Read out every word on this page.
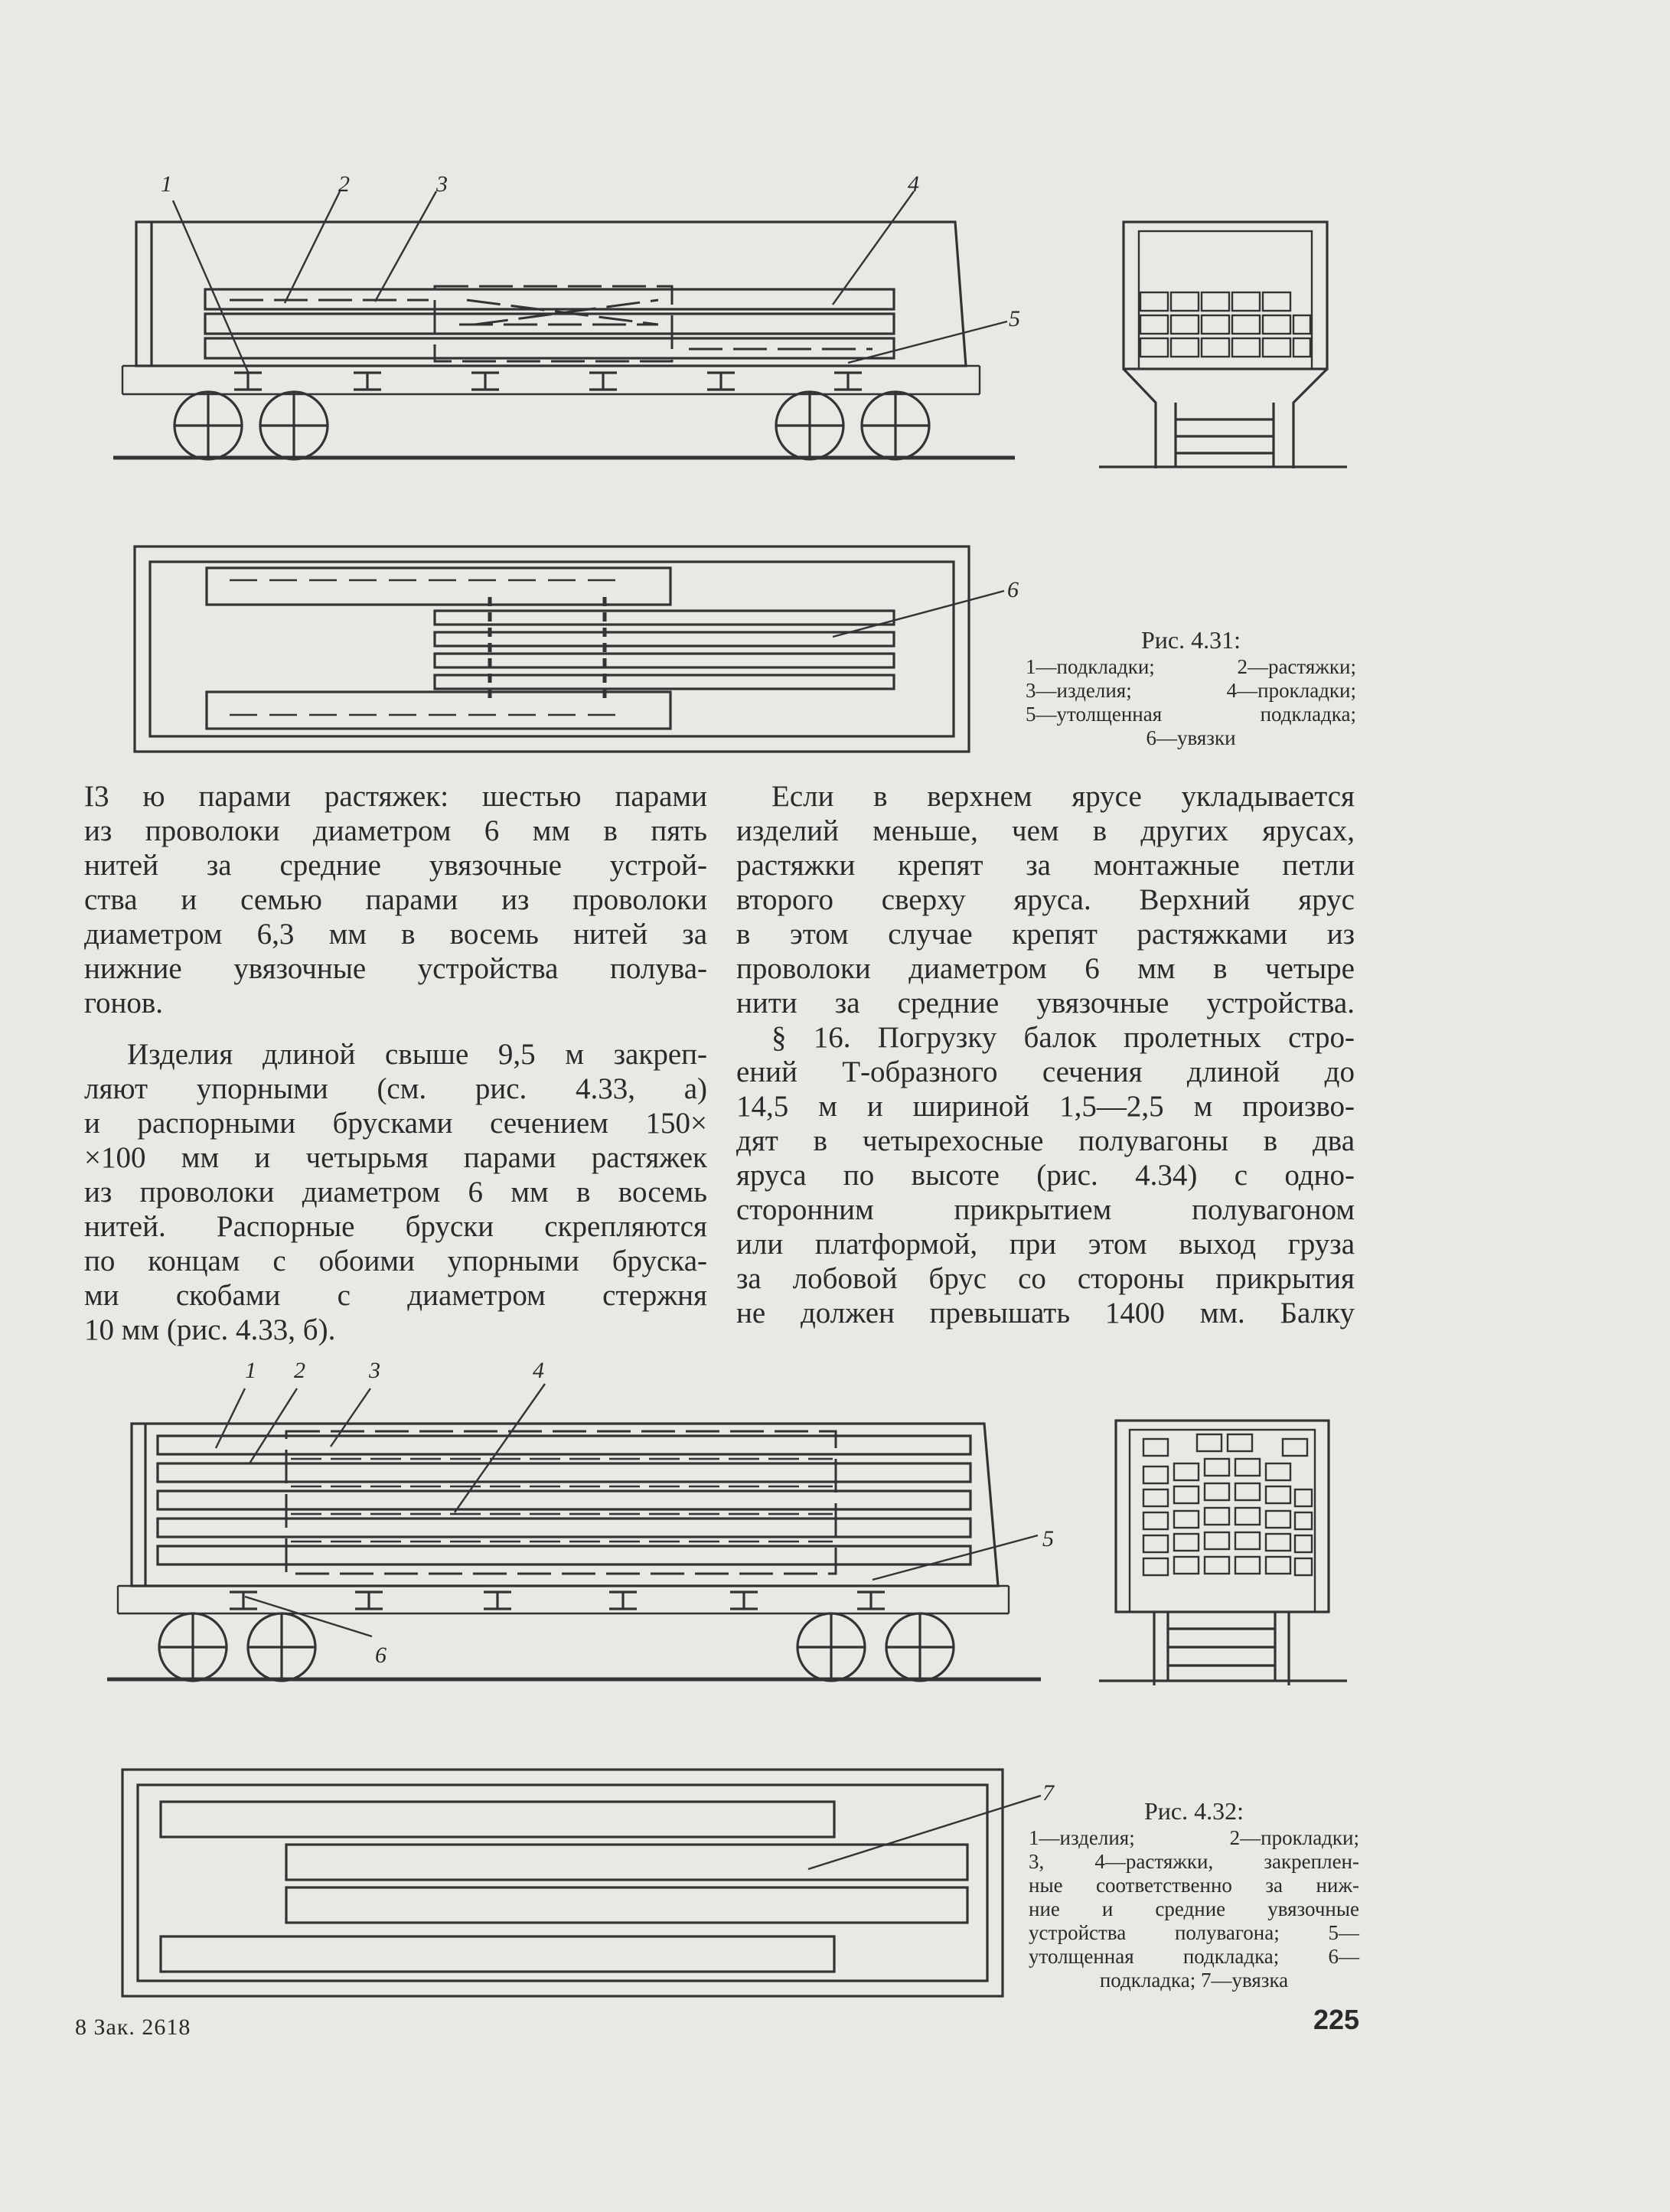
1	2	3	4
5
6
1 2	3	4
5
6
7
Рис. 4.31:
1—подкладки; 2—растяжки;
3—изделия; 4—прокладки;
5—утолщенная подкладка;
6—увязки
Рис. 4.32:
1—изделия; 2—прокладки;
3, 4—растяжки, закреплен-
ные соответственно за ниж-
ние и средние увязочные
устройства полувагона; 5—
утолщенная подкладка; 6—
подкладка; 7—увязка

I3 ю парами растяжек: шестью парами
из проволоки диаметром 6 мм в пять
нитей за средние увязочные устрой-
ства и семью парами из проволоки
диаметром 6,3 мм в восемь нитей за
нижние увязочные устройства полува-
гонов.

Изделия длиной свыше 9,5 м закреп-
ляют упорными (см. рис. 4.33, а)
и распорными брусками сечением 150×
×100 мм и четырьмя парами растяжек
из проволоки диаметром 6 мм в восемь
нитей. Распорные бруски скрепляются
по концам с обоими упорными бруска-
ми скобами с диаметром стержня
10 мм (рис. 4.33, б).

Если в верхнем ярусе укладывается
изделий меньше, чем в других ярусах,
растяжки крепят за монтажные петли
второго сверху яруса. Верхний ярус
в этом случае крепят растяжками из
проволоки диаметром 6 мм в четыре
нити за средние увязочные устройства.

§ 16. Погрузку балок пролетных стро-
ений Т-образного сечения длиной до
14,5 м и шириной 1,5—2,5 м произво-
дят в четырехосные полувагоны в два
яруса по высоте (рис. 4.34) с одно-
сторонним прикрытием полувагоном
или платформой, при этом выход груза
за лобовой брус со стороны прикрытия
не должен превышать 1400 мм. Балку

8 Зак. 2618	225
